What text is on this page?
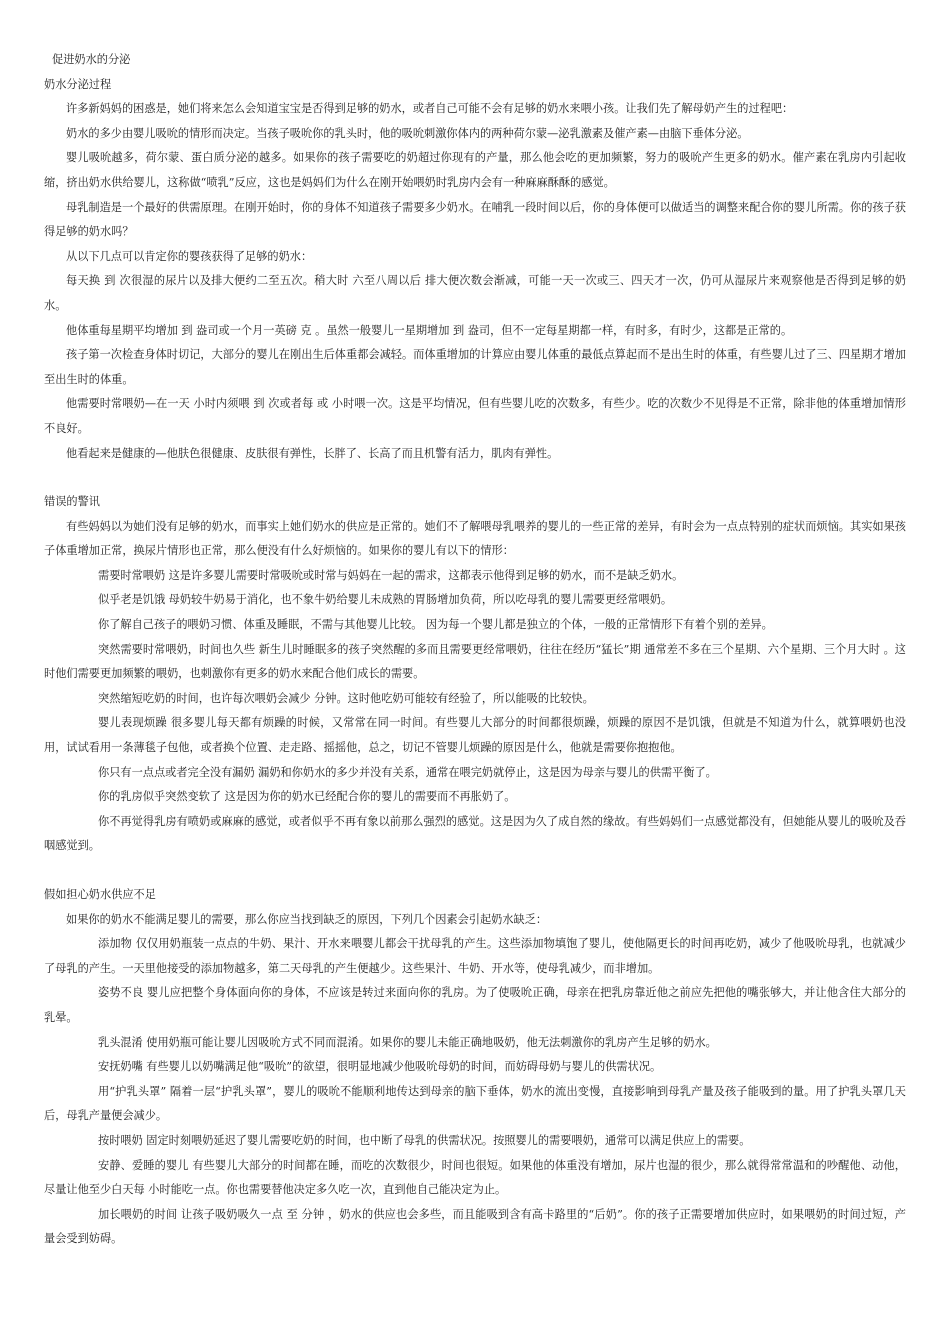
促进奶水的分泌

奶水分泌过程

许多新妈妈的困惑是，她们将来怎么会知道宝宝是否得到足够的奶水，或者自己可能不会有足够的奶水来喂小孩。让我们先了解母奶产生的过程吧：

奶水的多少由婴儿吸吮的情形而决定。当孩子吸吮你的乳头时，他的吸吮刺激你体内的两种荷尔蒙—泌乳激素及催产素—由脑下垂体分泌。

婴儿吸吮越多，荷尔蒙、蛋白质分泌的越多。如果你的孩子需要吃的奶超过你现有的产量，那么他会吃的更加频繁，努力的吸吮产生更多的奶水。催产素在乳房内引起收缩，挤出奶水供给婴儿，这称做“喷乳”反应，这也是妈妈们为什么在刚开始喂奶时乳房内会有一种麻麻酥酥的感觉。

母乳制造是一个最好的供需原理。在刚开始时，你的身体不知道孩子需要多少奶水。在哺乳一段时间以后，你的身体便可以做适当的调整来配合你的婴儿所需。你的孩子获得足够的奶水吗？

从以下几点可以肯定你的婴孩获得了足够的奶水：

每天换 到 次很湿的尿片以及排大便约二至五次。稍大时 六至八周以后 排大便次数会渐减，可能一天一次或三、四天才一次，仍可从湿尿片来观察他是否得到足够的奶水。

他体重每星期平均增加 到 盎司或一个月一英磅 克 。虽然一般婴儿一星期增加 到 盎司，但不一定每星期都一样，有时多，有时少，这都是正常的。

孩子第一次检查身体时切记，大部分的婴儿在刚出生后体重都会减轻。而体重增加的计算应由婴儿体重的最低点算起而不是出生时的体重，有些婴儿过了三、四星期才增加至出生时的体重。

他需要时常喂奶—在一天 小时内须喂 到 次或者每 或 小时喂一次。这是平均情况，但有些婴儿吃的次数多，有些少。吃的次数少不见得是不正常，除非他的体重增加情形不良好。

他看起来是健康的—他肤色很健康、皮肤很有弹性，长胖了、长高了而且机警有活力，肌肉有弹性。

错误的警讯

有些妈妈以为她们没有足够的奶水，而事实上她们奶水的供应是正常的。她们不了解喂母乳喂养的婴儿的一些正常的差异，有时会为一点点特别的症状而烦恼。其实如果孩子体重增加正常，换尿片情形也正常，那么便没有什么好烦恼的。如果你的婴儿有以下的情形：

需要时常喂奶 这是许多婴儿需要时常吸吮或时常与妈妈在一起的需求，这都表示他得到足够的奶水，而不是缺乏奶水。

似乎老是饥饿 母奶较牛奶易于消化，也不象牛奶给婴儿未成熟的胃肠增加负荷，所以吃母乳的婴儿需要更经常喂奶。

你了解自己孩子的喂奶习惯、体重及睡眠，不需与其他婴儿比较。 因为每一个婴儿都是独立的个体，一般的正常情形下有着个别的差异。

突然需要时常喂奶，时间也久些 新生儿时睡眠多的孩子突然醒的多而且需要更经常喂奶，往往在经历“猛长”期 通常差不多在三个星期、六个星期、三个月大时 。这时他们需要更加频繁的喂奶，也刺激你有更多的奶水来配合他们成长的需要。

突然缩短吃奶的时间，也许每次喂奶会减少 分钟。这时他吃奶可能较有经验了，所以能吸的比较快。

婴儿表现烦躁 很多婴儿每天都有烦躁的时候，又常常在同一时间。有些婴儿大部分的时间都很烦躁，烦躁的原因不是饥饿，但就是不知道为什么，就算喂奶也没用，试试看用一条薄毯子包他，或者换个位置、走走路、摇摇他，总之，切记不管婴儿烦躁的原因是什么，他就是需要你抱抱他。

你只有一点点或者完全没有漏奶 漏奶和你奶水的多少并没有关系，通常在喂完奶就停止，这是因为母亲与婴儿的供需平衡了。

你的乳房似乎突然变软了 这是因为你的奶水已经配合你的婴儿的需要而不再胀奶了。

你不再觉得乳房有喷奶或麻麻的感觉，或者似乎不再有象以前那么强烈的感觉。这是因为久了成自然的缘故。有些妈妈们一点感觉都没有，但她能从婴儿的吸吮及吞咽感觉到。

假如担心奶水供应不足

如果你的奶水不能满足婴儿的需要，那么你应当找到缺乏的原因，下列几个因素会引起奶水缺乏：

添加物 仅仅用奶瓶装一点点的牛奶、果汁、开水来喂婴儿都会干扰母乳的产生。这些添加物填饱了婴儿，使他隔更长的时间再吃奶，减少了他吸吮母乳，也就减少了母乳的产生。一天里他接受的添加物越多，第二天母乳的产生便越少。这些果汁、牛奶、开水等，使母乳减少，而非增加。

姿势不良 婴儿应把整个身体面向你的身体，不应该是转过来面向你的乳房。为了使吸吮正确，母亲在把乳房靠近他之前应先把他的嘴张够大，并让他含住大部分的乳晕。

乳头混淆 使用奶瓶可能让婴儿因吸吮方式不同而混淆。如果你的婴儿未能正确地吸奶，他无法刺激你的乳房产生足够的奶水。

安抚奶嘴 有些婴儿以奶嘴满足他“吸吮”的欲望，很明显地减少他吸吮母奶的时间，而妨碍母奶与婴儿的供需状况。

用“护乳头罩” 隔着一层“护乳头罩”，婴儿的吸吮不能顺利地传达到母亲的脑下垂体，奶水的流出变慢，直接影响到母乳产量及孩子能吸到的量。用了护乳头罩几天后，母乳产量便会减少。

按时喂奶 固定时刻喂奶延迟了婴儿需要吃奶的时间，也中断了母乳的供需状况。按照婴儿的需要喂奶，通常可以满足供应上的需要。

安静、爱睡的婴儿 有些婴儿大部分的时间都在睡，而吃的次数很少，时间也很短。如果他的体重没有增加，尿片也湿的很少，那么就得常常温和的吵醒他、动他，尽量让他至少白天每 小时能吃一点。你也需要替他决定多久吃一次，直到他自己能决定为止。

加长喂奶的时间 让孩子吸奶吸久一点 至 分钟 ，奶水的供应也会多些，而且能吸到含有高卡路里的“后奶”。你的孩子正需要增加供应时，如果喂奶的时间过短，产量会受到妨碍。
